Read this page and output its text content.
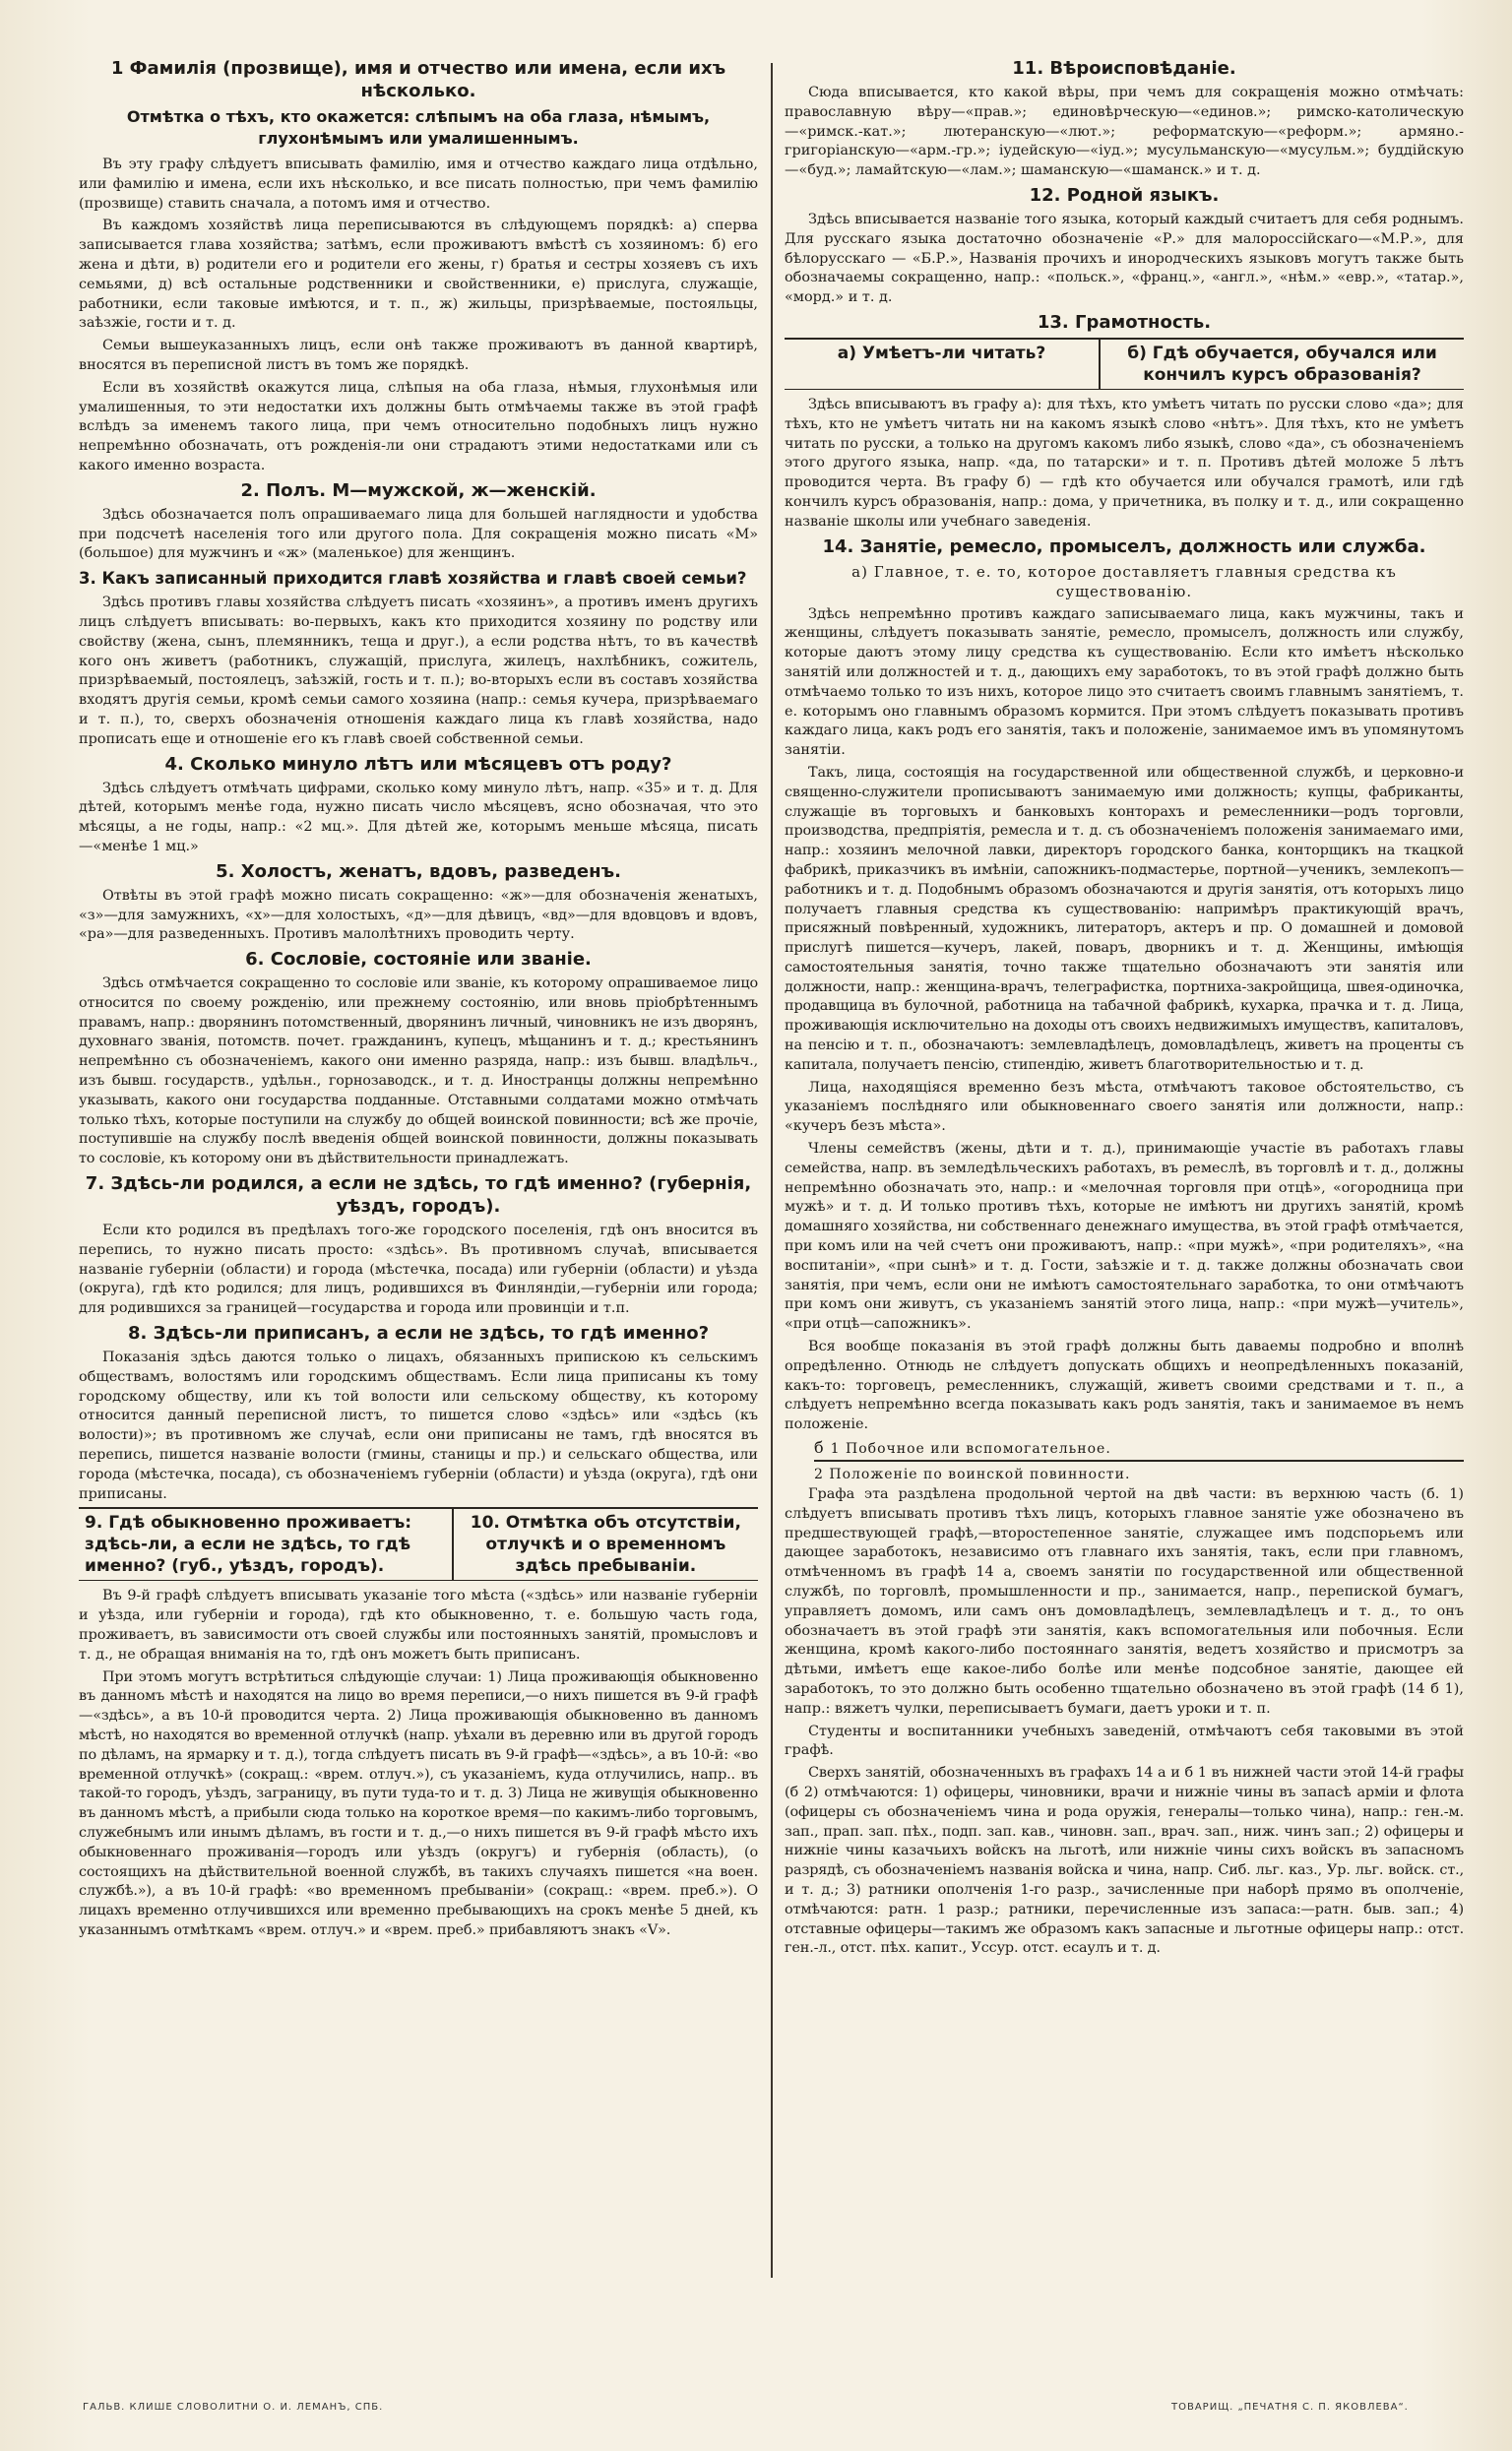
1 Фамилія (прозвище), имя и отчество или имена, если ихъ нѣсколько.
Отмѣтка о тѣхъ, кто окажется: слѣпымъ на оба глаза, нѣмымъ, глухонѣмымъ или умалишеннымъ.

Въ эту графу слѣдуетъ вписывать фамилію, имя и отчество каждаго лица отдѣльно, или фамилію и имена, если ихъ нѣсколько, и все писать полностью, при чемъ фамилію (прозвище) ставить сначала, а потомъ имя и отчество.

Въ каждомъ хозяйствѣ лица переписываются въ слѣдующемъ порядкѣ: а) сперва записывается глава хозяйства; затѣмъ, если проживаютъ вмѣстѣ съ хозяиномъ: б) его жена и дѣти, в) родители его и родители его жены, г) братья и сестры хозяевъ съ ихъ семьями, д) всѣ остальные родственники и свойственники, е) прислуга, служащіе, работники, если таковые имѣются, и т. п., ж) жильцы, призрѣваемые, постояльцы, заѣзжіе, гости и т. д.

Семьи вышеуказанныхъ лицъ, если онѣ также проживаютъ въ данной квартирѣ, вносятся въ переписной листъ въ томъ же порядкѣ.

Если въ хозяйствѣ окажутся лица, слѣпыя на оба глаза, нѣмыя, глухонѣмыя или умалишенныя, то эти недостатки ихъ должны быть отмѣчаемы также въ этой графѣ вслѣдъ за именемъ такого лица, при чемъ относительно подобныхъ лицъ нужно непремѣнно обозначать, отъ рожденія-ли они страдаютъ этими недостатками или съ какого именно возраста.

2. Полъ. М—мужской, ж—женскій.

Здѣсь обозначается полъ опрашиваемаго лица для большей наглядности и удобства при подсчетѣ населенія того или другого пола. Для сокращенія можно писать «М» (большое) для мужчинъ и «ж» (маленькое) для женщинъ.

3. Какъ записанный приходится главѣ хозяйства и главѣ своей семьи?

Здѣсь противъ главы хозяйства слѣдуетъ писать «хозяинъ», а противъ именъ другихъ лицъ слѣдуетъ вписывать: во-первыхъ, какъ кто приходится хозяину по родству или свойству (жена, сынъ, племянникъ, теща и друг.), а если родства нѣтъ, то въ качествѣ кого онъ живетъ (работникъ, служащій, прислуга, жилецъ, нахлѣбникъ, сожитель, призрѣваемый, постоялецъ, заѣзжій, гость и т. п.); во-вторыхъ если въ составъ хозяйства входятъ другія семьи, кромѣ семьи самого хозяина (напр.: семья кучера, призрѣваемаго и т. п.), то, сверхъ обозначенія отношенія каждаго лица къ главѣ хозяйства, надо прописать еще и отношеніе его къ главѣ своей собственной семьи.

4. Сколько минуло лѣтъ или мѣсяцевъ отъ роду?

Здѣсь слѣдуетъ отмѣчать цифрами, сколько кому минуло лѣтъ, напр. «35» и т. д. Для дѣтей, которымъ менѣе года, нужно писать число мѣсяцевъ, ясно обозначая, что это мѣсяцы, а не годы, напр.: «2 мц.». Для дѣтей же, которымъ меньше мѣсяца, писать—«менѣе 1 мц.»

5. Холостъ, женатъ, вдовъ, разведенъ.

Отвѣты въ этой графѣ можно писать сокращенно: «ж»—для обозначенія женатыхъ, «з»—для замужнихъ, «х»—для холостыхъ, «д»—для дѣвицъ, «вд»—для вдовцовъ и вдовъ, «ра»—для разведенныхъ. Противъ малолѣтнихъ проводить черту.

6. Сословіе, состояніе или званіе.

Здѣсь отмѣчается сокращенно то сословіе или званіе, къ которому опрашиваемое лицо относится по своему рожденію, или прежнему состоянію, или вновь пріобрѣтеннымъ правамъ, напр.: дворянинъ потомственный, дворянинъ личный, чиновникъ не изъ дворянъ, духовнаго званія, потомств. почет. гражданинъ, купецъ, мѣщанинъ и т. д.; крестьянинъ непремѣнно съ обозначеніемъ, какого они именно разряда, напр.: изъ бывш. владѣльч., изъ бывш. государств., удѣльн., горнозаводск., и т. д. Иностранцы должны непремѣнно указывать, какого они государства подданные. Отставными солдатами можно отмѣчать только тѣхъ, которые поступили на службу до общей воинской повинности; всѣ же прочіе, поступившіе на службу послѣ введенія общей воинской повинности, должны показывать то сословіе, къ которому они въ дѣйствительности принадлежатъ.

7. Здѣсь-ли родился, а если не здѣсь, то гдѣ именно? (губернія, уѣздъ, городъ).

Если кто родился въ предѣлахъ того-же городского поселенія, гдѣ онъ вносится въ перепись, то нужно писать просто: «здѣсь». Въ противномъ случаѣ, вписывается названіе губерніи (области) и города (мѣстечка, посада) или губерніи (области) и уѣзда (округа), гдѣ кто родился; для лицъ, родившихся въ Финляндіи,—губерніи или города; для родившихся за границей—государства и города или провинціи и т.п.

8. Здѣсь-ли приписанъ, а если не здѣсь, то гдѣ именно?

Показанія здѣсь даются только о лицахъ, обязанныхъ припискою къ сельскимъ обществамъ, волостямъ или городскимъ обществамъ. Если лица приписаны къ тому городскому обществу, или къ той волости или сельскому обществу, къ которому относится данный переписной листъ, то пишется слово «здѣсь» или «здѣсь (къ волости)»; въ противномъ же случаѣ, если они приписаны не тамъ, гдѣ вносятся въ перепись, пишется названіе волости (гмины, станицы и пр.) и сельскаго общества, или города (мѣстечка, посада), съ обозначеніемъ губерніи (области) и уѣзда (округа), гдѣ они приписаны.

9. Гдѣ обыкновенно проживаетъ: здѣсь-ли, а если не здѣсь, то гдѣ именно? (губ., уѣздъ, городъ).
10. Отмѣтка объ отсутствіи, отлучкѣ и о временномъ здѣсь пребываніи.

Въ 9-й графѣ слѣдуетъ вписывать указаніе того мѣста («здѣсь» или названіе губерніи и уѣзда, или губерніи и города), гдѣ кто обыкновенно, т. е. большую часть года, проживаетъ, въ зависимости отъ своей службы или постоянныхъ занятій, промысловъ и т. д., не обращая вниманія на то, гдѣ онъ можетъ быть приписанъ.

При этомъ могутъ встрѣтиться слѣдующіе случаи: 1) Лица проживающія обыкновенно въ данномъ мѣстѣ и находятся на лицо во время переписи,—о нихъ пишется въ 9-й графѣ—«здѣсь», а въ 10-й проводится черта. 2) Лица проживающія обыкновенно въ данномъ мѣстѣ, но находятся во временной отлучкѣ (напр. уѣхали въ деревню или въ другой городъ по дѣламъ, на ярмарку и т. д.), тогда слѣдуетъ писать въ 9-й графѣ—«здѣсь», а въ 10-й: «во временной отлучкѣ» (сокращ.: «врем. отлуч.»), съ указаніемъ, куда отлучились, напр.. въ такой-то городъ, уѣздъ, заграницу, въ пути туда-то и т. д. 3) Лица не живущія обыкновенно въ данномъ мѣстѣ, а прибыли сюда только на короткое время—по какимъ-либо торговымъ, служебнымъ или инымъ дѣламъ, въ гости и т. д.,—о нихъ пишется въ 9-й графѣ мѣсто ихъ обыкновеннаго проживанія—городъ или уѣздъ (округъ) и губернія (область), (о состоящихъ на дѣйствительной военной службѣ, въ такихъ случаяхъ пишется «на воен. службѣ.»), а въ 10-й графѣ: «во временномъ пребываніи» (сокращ.: «врем. преб.»). О лицахъ временно отлучившихся или временно пребывающихъ на срокъ менѣе 5 дней, къ указаннымъ отмѣткамъ «врем. отлуч.» и «врем. преб.» прибавляютъ знакъ «V».

11. Вѣроисповѣданіе.

Сюда вписывается, кто какой вѣры, при чемъ для сокращенія можно отмѣчать: православную вѣру—«прав.»; единовѣрческую—«единов.»; римско-католическую—«римск.-кат.»; лютеранскую—«лют.»; реформатскую—«реформ.»; армяно.-григоріанскую—«арм.-гр.»; іудейскую—«іуд.»; мусульманскую—«мусульм.»; буддійскую—«буд.»; ламайтскую—«лам.»; шаманскую—«шаманск.» и т. д.

12. Родной языкъ.

Здѣсь вписывается названіе того языка, который каждый считаетъ для себя роднымъ. Для русскаго языка достаточно обозначеніе «Р.» для малороссійскаго—«М.Р.», для бѣлорусскаго — «Б.Р.», Названія прочихъ и инородческихъ языковъ могутъ также быть обозначаемы сокращенно, напр.: «польск.», «франц.», «англ.», «нѣм.» «евр.», «татар.», «морд.» и т. д.

13. Грамотность.
а) Умѣетъ-ли читать?	б) Гдѣ обучается, обучался или кончилъ курсъ образованія?

Здѣсь вписываютъ въ графу а): для тѣхъ, кто умѣетъ читать по русски слово «да»; для тѣхъ, кто не умѣетъ читать ни на какомъ языкѣ слово «нѣтъ». Для тѣхъ, кто не умѣетъ читать по русски, а только на другомъ какомъ либо языкѣ, слово «да», съ обозначеніемъ этого другого языка, напр. «да, по татарски» и т. п. Противъ дѣтей моложе 5 лѣтъ проводится черта. Въ графу б) — гдѣ кто обучается или обучался грамотѣ, или гдѣ кончилъ курсъ образованія, напр.: дома, у причетника, въ полку и т. д., или сокращенно названіе школы или учебнаго заведенія.

14. Занятіе, ремесло, промыселъ, должность или служба.
а) Главное, т. е. то, которое доставляетъ главныя средства къ существованію.

Здѣсь непремѣнно противъ каждаго записываемаго лица, какъ мужчины, такъ и женщины, слѣдуетъ показывать занятіе, ремесло, промыселъ, должность или службу, которые даютъ этому лицу средства къ существованію. Если кто имѣетъ нѣсколько занятій или должностей и т. д., дающихъ ему заработокъ, то въ этой графѣ должно быть отмѣчаемо только то изъ нихъ, которое лицо это считаетъ своимъ главнымъ занятіемъ, т. е. которымъ оно главнымъ образомъ кормится. При этомъ слѣдуетъ показывать противъ каждаго лица, какъ родъ его занятія, такъ и положеніе, занимаемое имъ въ упомянутомъ занятіи.

Такъ, лица, состоящія на государственной или общественной службѣ, и церковно-и священно-служители прописываютъ занимаемую ими должность; купцы, фабриканты, служащіе въ торговыхъ и банковыхъ конторахъ и ремесленники—родъ торговли, производства, предпріятія, ремесла и т. д. съ обозначеніемъ положенія занимаемаго ими, напр.: хозяинъ мелочной лавки, директоръ городского банка, конторщикъ на ткацкой фабрикѣ, приказчикъ въ имѣніи, сапожникъ-подмастерье, портной—ученикъ, землекопъ—работникъ и т. д. Подобнымъ образомъ обозначаются и другія занятія, отъ которыхъ лицо получаетъ главныя средства къ существованію: напримѣръ практикующій врачъ, присяжный повѣренный, художникъ, литераторъ, актеръ и пр. О домашней и домовой прислугѣ пишется—кучеръ, лакей, поваръ, дворникъ и т. д. Женщины, имѣющія самостоятельныя занятія, точно также тщательно обозначаютъ эти занятія или должности, напр.: женщина-врачъ, телеграфистка, портниха-закройщица, швея-одиночка, продавщица въ булочной, работница на табачной фабрикѣ, кухарка, прачка и т. д. Лица, проживающія исключительно на доходы отъ своихъ недвижимыхъ имуществъ, капиталовъ, на пенсію и т. п., обозначаютъ: землевладѣлецъ, домовладѣлецъ, живетъ на проценты съ капитала, получаетъ пенсію, стипендію, живетъ благотворительностью и т. д.

Лица, находящіяся временно безъ мѣста, отмѣчаютъ таковое обстоятельство, съ указаніемъ послѣдняго или обыкновеннаго своего занятія или должности, напр.: «кучеръ безъ мѣста».

Члены семействъ (жены, дѣти и т. д.), принимающіе участіе въ работахъ главы семейства, напр. въ земледѣльческихъ работахъ, въ ремеслѣ, въ торговлѣ и т. д., должны непремѣнно обозначать это, напр.: и «мелочная торговля при отцѣ», «огородница при мужѣ» и т. д. И только противъ тѣхъ, которые не имѣютъ ни другихъ занятій, кромѣ домашняго хозяйства, ни собственнаго денежнаго имущества, въ этой графѣ отмѣчается, при комъ или на чей счетъ они проживаютъ, напр.: «при мужѣ», «при родителяхъ», «на воспитаніи», «при сынѣ» и т. д. Гости, заѣзжіе и т. д. также должны обозначать свои занятія, при чемъ, если они не имѣютъ самостоятельнаго заработка, то они отмѣчаютъ при комъ они живутъ, съ указаніемъ занятій этого лица, напр.: «при мужѣ—учитель», «при отцѣ—сапожникъ».

Вся вообще показанія въ этой графѣ должны быть даваемы подробно и вполнѣ опредѣленно. Отнюдь не слѣдуетъ допускать общихъ и неопредѣленныхъ показаній, какъ-то: торговецъ, ремесленникъ, служащій, живетъ своими средствами и т. п., а слѣдуетъ непремѣнно всегда показывать какъ родъ занятія, такъ и занимаемое въ немъ положеніе.

б 1 Побочное или вспомогательное.
2 Положеніе по воинской повинности.

Графа эта раздѣлена продольной чертой на двѣ части: въ верхнюю часть (б. 1) слѣдуетъ вписывать противъ тѣхъ лицъ, которыхъ главное занятіе уже обозначено въ предшествующей графѣ,—второстепенное занятіе, служащее имъ подспорьемъ или дающее заработокъ, независимо отъ главнаго ихъ занятія, такъ, если при главномъ, отмѣченномъ въ графѣ 14 а, своемъ занятіи по государственной или общественной службѣ, по торговлѣ, промышленности и пр., занимается, напр., перепиской бумагъ, управляетъ домомъ, или самъ онъ домовладѣлецъ, землевладѣлецъ и т. д., то онъ обозначаетъ въ этой графѣ эти занятія, какъ вспомогательныя или побочныя. Если женщина, кромѣ какого-либо постояннаго занятія, ведетъ хозяйство и присмотръ за дѣтьми, имѣетъ еще какое-либо болѣе или менѣе подсобное занятіе, дающее ей заработокъ, то это должно быть особенно тщательно обозначено въ этой графѣ (14 б 1), напр.: вяжетъ чулки, переписываетъ бумаги, даетъ уроки и т. п.

Студенты и воспитанники учебныхъ заведеній, отмѣчаютъ себя таковыми въ этой графѣ.

Сверхъ занятій, обозначенныхъ въ графахъ 14 а и б 1 въ нижней части этой 14-й графы (б 2) отмѣчаются: 1) офицеры, чиновники, врачи и нижніе чины въ запасѣ арміи и флота (офицеры съ обозначеніемъ чина и рода оружія, генералы—только чина), напр.: ген.-м. зап., прап. зап. пѣх., подп. зап. кав., чиновн. зап., врач. зап., ниж. чинъ зап.; 2) офицеры и нижніе чины казачьихъ войскъ на льготѣ, или нижніе чины сихъ войскъ въ запасномъ разрядѣ, съ обозначеніемъ названія войска и чина, напр. Сиб. льг. каз., Ур. льг. войск. ст., и т. д.; 3) ратники ополченія 1-го разр., зачисленные при наборѣ прямо въ ополченіе, отмѣчаются: ратн. 1 разр.; ратники, перечисленные изъ запаса:—ратн. быв. зап.; 4) отставные офицеры—такимъ же образомъ какъ запасные и льготные офицеры напр.: отст. ген.-л., отст. пѣх. капит., Уссур. отст. есаулъ и т. д.

ГАЛЬВ. КЛИШЕ СЛОВОЛИТНИ О. И. ЛЕМАНЪ, СПБ.	ТОВАРИЩ. „ПЕЧАТНЯ С. П. ЯКОВЛЕВА“.
